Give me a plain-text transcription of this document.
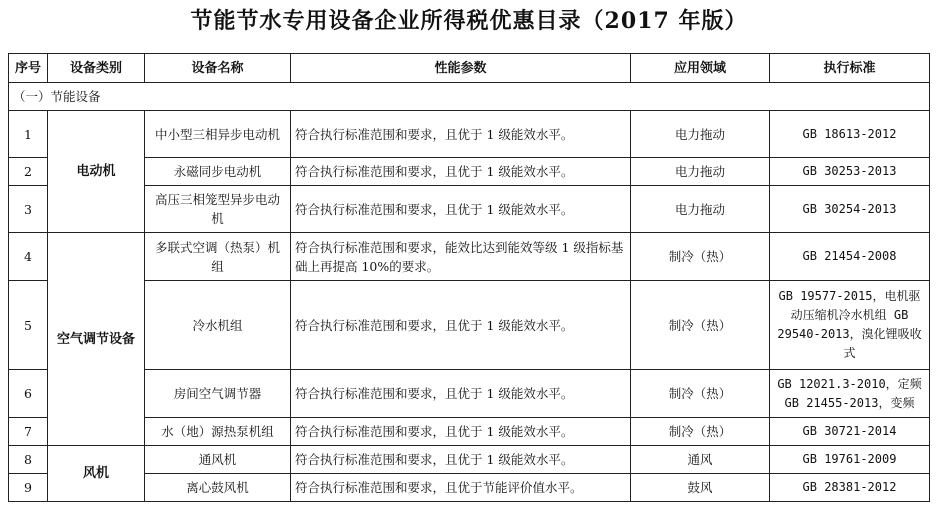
节能节水专用设备企业所得税优惠目录（2017 年版）
序号	设备类别	设备名称	性能参数	应用领域	执行标准
（一）节能设备					
1	电动机	中小型三相异步电动机	符合执行标准范围和要求，且优于 1 级能效水平。	电力拖动	GB 18613-2012
2		永磁同步电动机	符合执行标准范围和要求，且优于 1 级能效水平。	电力拖动	GB 30253-2013
3		高压三相笼型异步电动机	符合执行标准范围和要求，且优于 1 级能效水平。	电力拖动	GB 30254-2013
4	空气调节设备	多联式空调（热泵）机组	符合执行标准范围和要求，能效比达到能效等级 1 级指标基础上再提高 10%的要求。	制冷（热）	GB 21454-2008
5		冷水机组	符合执行标准范围和要求，且优于 1 级能效水平。	制冷（热）	GB 19577-2015，电机驱动压缩机冷水机组 GB 29540-2013，溴化锂吸收式
6		房间空气调节器	符合执行标准范围和要求，且优于 1 级能效水平。	制冷（热）	GB 12021.3-2010，定频 GB 21455-2013，变频
7		水（地）源热泵机组	符合执行标准范围和要求，且优于 1 级能效水平。	制冷（热）	GB 30721-2014
8	风机	通风机	符合执行标准范围和要求，且优于 1 级能效水平。	通风	GB 19761-2009
9		离心鼓风机	符合执行标准范围和要求，且优于节能评价值水平。	鼓风	GB 28381-2012
